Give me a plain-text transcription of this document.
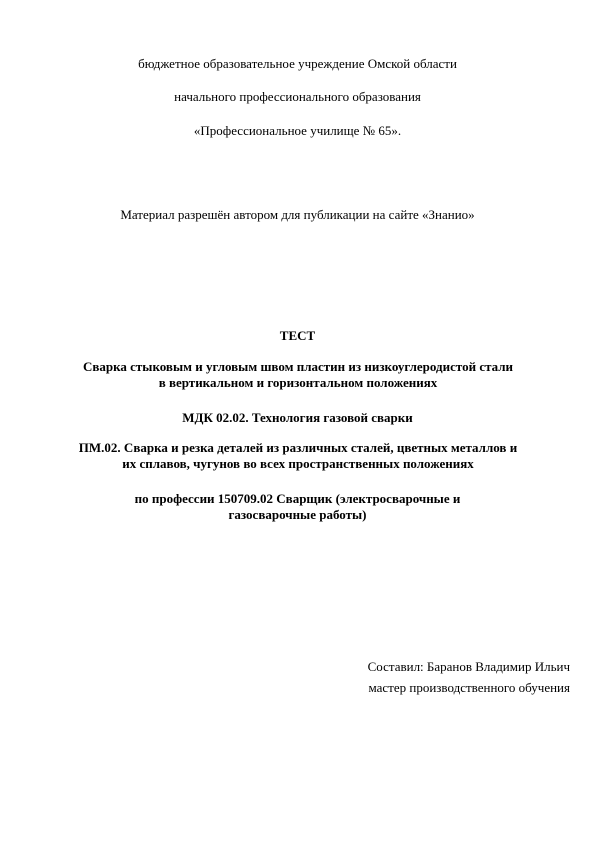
бюджетное образовательное учреждение Омской области
начального профессионального образования
«Профессиональное училище № 65».
Материал разрешён автором для публикации на сайте «Знанио»
ТЕСТ
Сварка стыковым и угловым швом пластин из низкоуглеродистой стали в вертикальном и горизонтальном положениях
МДК 02.02. Технология газовой сварки
ПМ.02. Сварка и резка деталей из различных сталей, цветных металлов и их сплавов, чугунов во всех пространственных положениях
по профессии 150709.02 Сварщик (электросварочные и газосварочные работы)
Составил: Баранов Владимир Ильич
мастер производственного обучения
